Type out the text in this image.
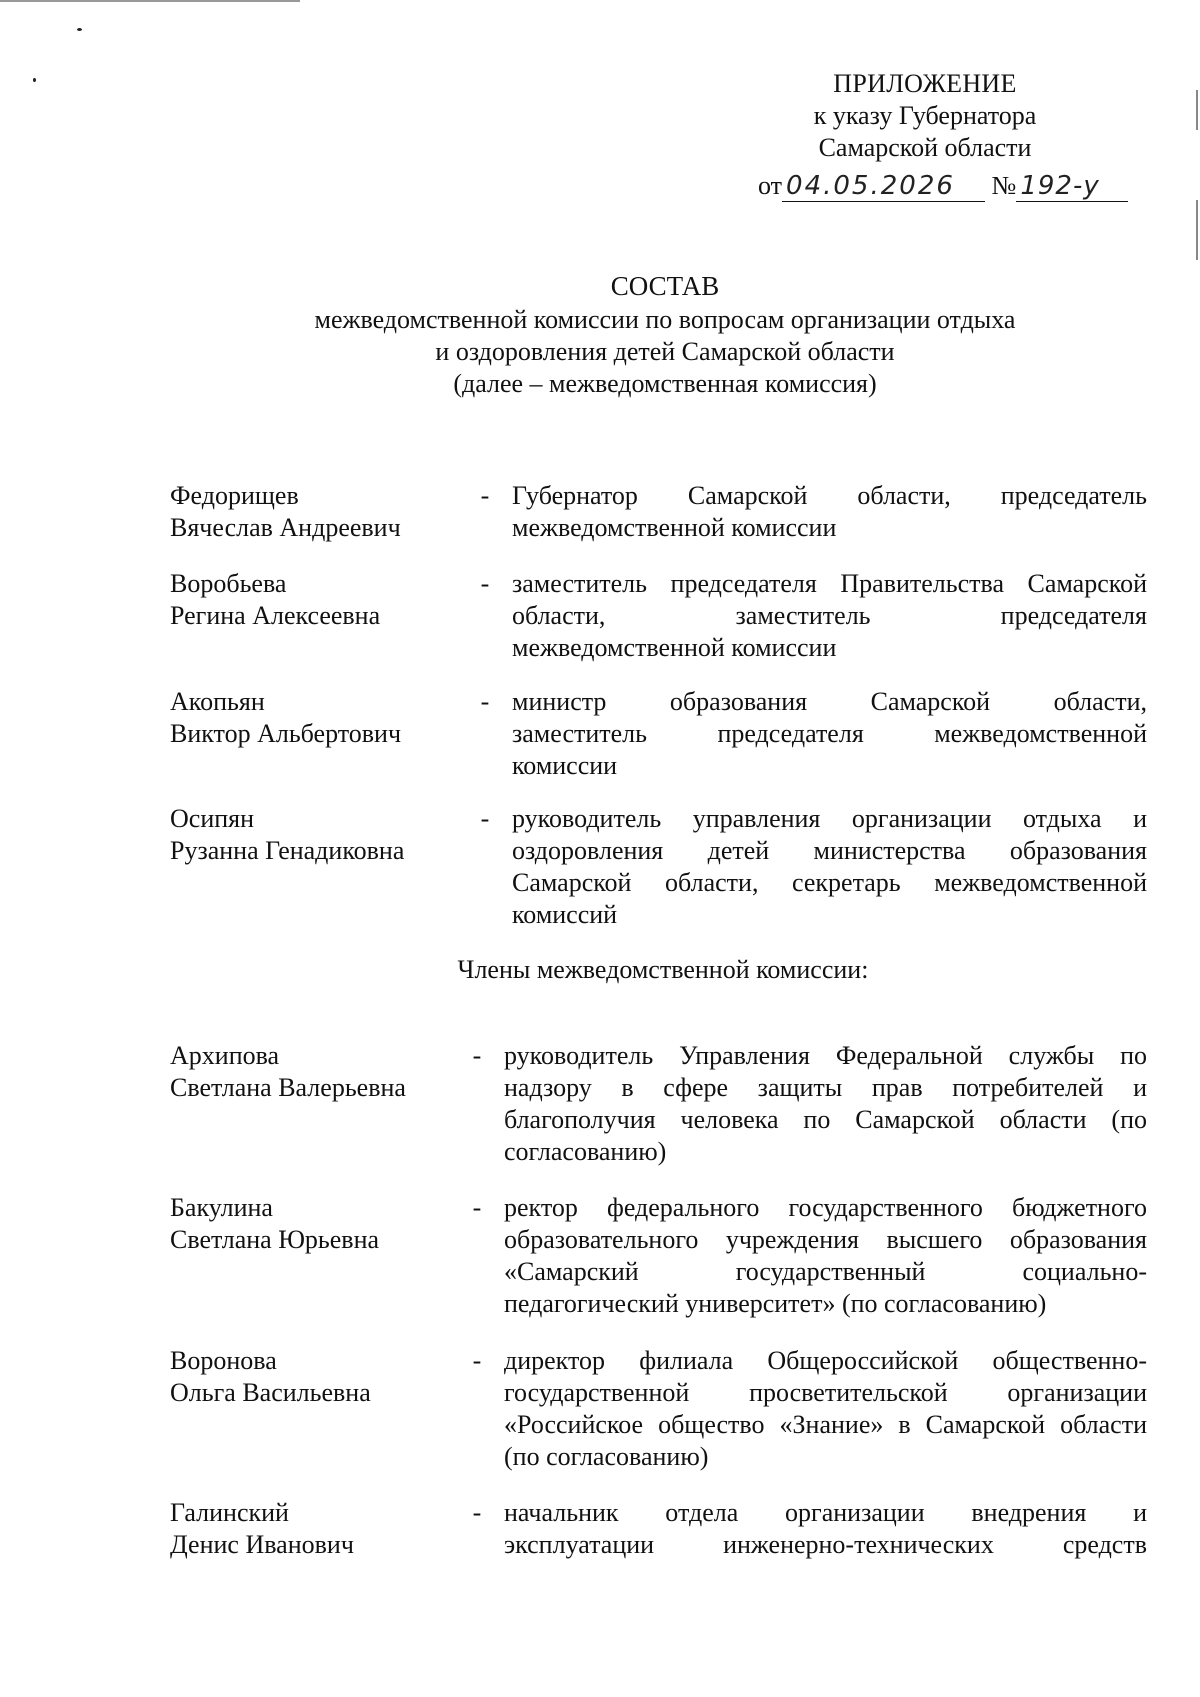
ПРИЛОЖЕНИЕ
к указу Губернатора
Самарской области
от 04.05.2026 № 192-у
СОСТАВ
межведомственной комиссии по вопросам организации отдыха
и оздоровления детей Самарской области
(далее – межведомственная комиссия)
Федорищев
Вячеслав Андреевич
- Губернатор Самарской области, председатель
межведомственной комиссии
Воробьева
Регина Алексеевна
- заместитель председателя Правительства Самарской
области, заместитель председателя
межведомственной комиссии
Акопьян
Виктор Альбертович
- министр образования Самарской области,
заместитель председателя межведомственной
комиссии
Осипян
Рузанна Генадиковна
- руководитель управления организации отдыха и
оздоровления детей министерства образования
Самарской области, секретарь межведомственной
комиссий
Члены межведомственной комиссии:
Архипова
Светлана Валерьевна
- руководитель Управления Федеральной службы по
надзору в сфере защиты прав потребителей и
благополучия человека по Самарской области (по
согласованию)
Бакулина
Светлана Юрьевна
- ректор федерального государственного бюджетного
образовательного учреждения высшего образования
«Самарский государственный социально-
педагогический университет» (по согласованию)
Воронова
Ольга Васильевна
- директор филиала Общероссийской общественно-
государственной просветительской организации
«Российское общество «Знание» в Самарской области
(по согласованию)
Галинский
Денис Иванович
- начальник отдела организации внедрения и
эксплуатации инженерно-технических средств
